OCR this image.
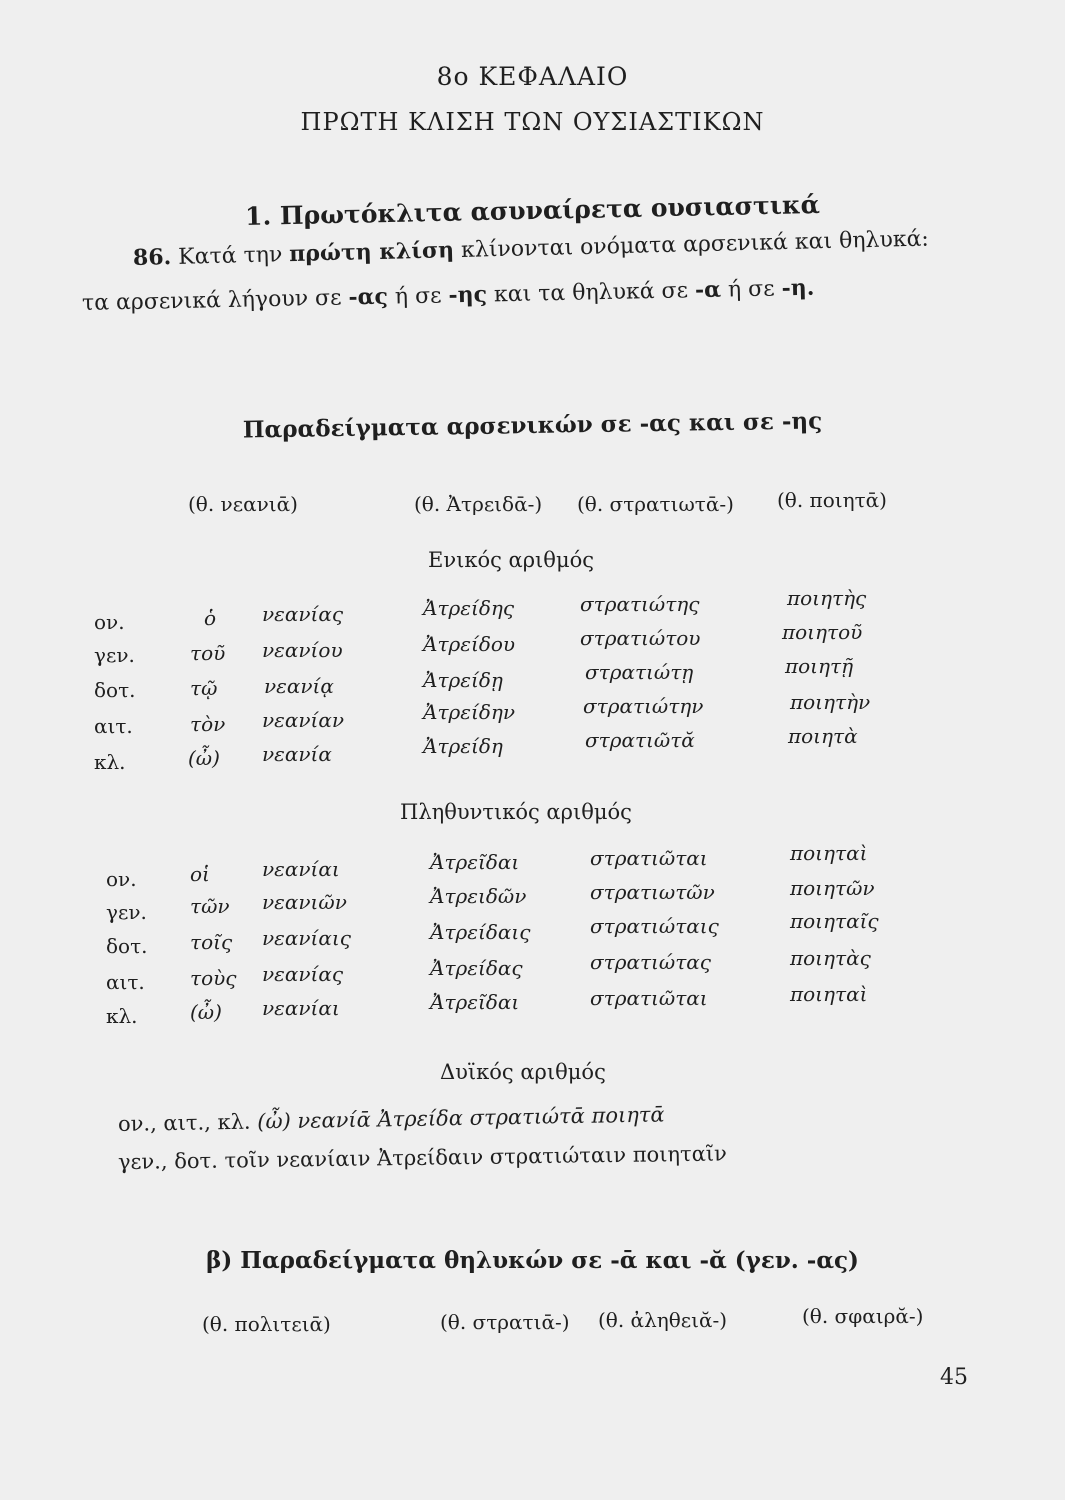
8ο ΚΕΦΑΛΑΙΟ
ΠΡΩΤΗ ΚΛΙΣΗ ΤΩΝ ΟΥΣΙΑΣΤΙΚΩΝ
1. Πρωτόκλιτα ασυναίρετα ουσιαστικά
86. Κατά την πρώτη κλίση κλίνονται ονόματα αρσενικά και θηλυκά:
τα αρσενικά λήγουν σε -ας ή σε -ης και τα θηλυκά σε -α ή σε -η.
Παραδείγματα αρσενικών σε -ας και σε -ης
(θ. νεανιᾱ)	(θ. Ἀτρειδᾱ-) (θ. στρατιωτᾱ-) (θ. ποιητᾱ)
Ενικός αριθμός
ον.	ὁ νεανίας	Ἀτρείδης	στρατιώτης	ποιητὴς
γεν.	τοῦ νεανίου	Ἀτρείδου	στρατιώτου	ποιητοῦ
δοτ.	τῷ νεανίᾳ	Ἀτρείδῃ	στρατιώτῃ	ποιητῇ
αιτ.	τὸν νεανίαν	Ἀτρείδην	στρατιώτην	ποιητὴν
κλ.	(ὦ) νεανία	Ἀτρείδη	στρατιῶτᾰ	ποιητὰ
Πληθυντικός αριθμός
ον.	οἱ	νεανίαι	Ἀτρεῖδαι	στρατιῶται	ποιηταὶ
γεν. τῶν νεανιῶν	Ἀτρειδῶν	στρατιωτῶν	ποιητῶν
δοτ. τοῖς νεανίαις	Ἀτρείδαις	στρατιώταις	ποιηταῖς
αιτ. τοὺς νεανίας	Ἀτρείδας	στρατιώτας	ποιητὰς
κλ.	(ὦ) νεανίαι	Ἀτρεῖδαι	στρατιῶται	ποιηταὶ
Δυϊκός αριθμός
ον., αιτ., κλ. (ὦ) νεανίᾱ Ἀτρείδα στρατιώτᾱ ποιητᾱ
γεν., δοτ. τοῖν νεανίαιν Ἀτρείδαιν στρατιώταιν ποιηταῖν
β) Παραδείγματα θηλυκών σε -ᾱ και -ᾰ (γεν. -ας)
(θ. πολιτειᾱ)	(θ. στρατιᾱ-) (θ. ἀληθειᾰ-)	(θ. σφαιρᾰ-)
45
